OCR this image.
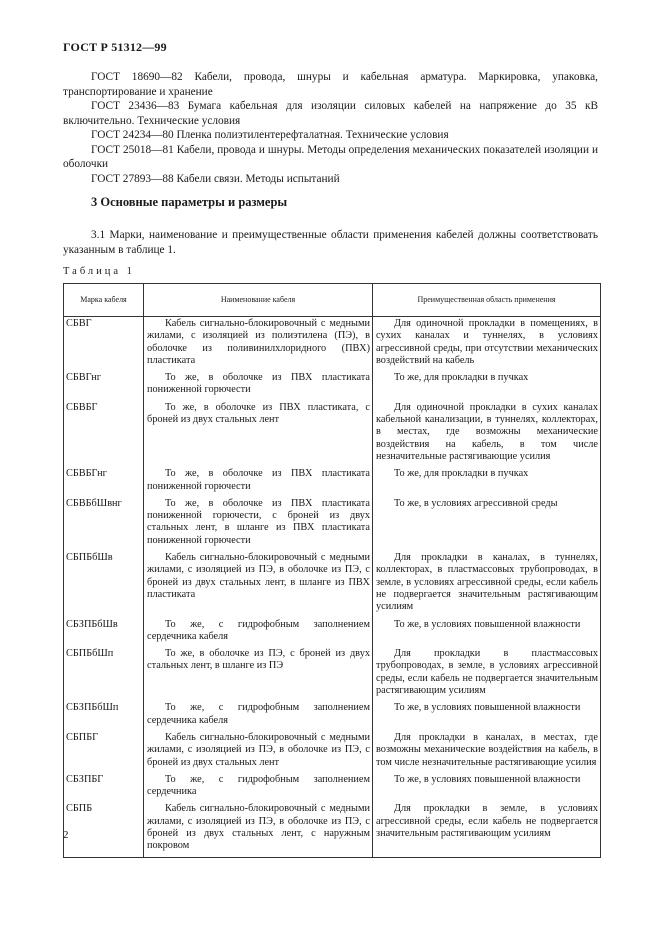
ГОСТ Р 51312—99

ГОСТ 18690—82 Кабели, провода, шнуры и кабельная арматура. Маркировка, упаковка, транспортирование и хранение

ГОСТ 23436—83 Бумага кабельная для изоляции силовых кабелей на напряжение до 35 кВ включительно. Технические условия

ГОСТ 24234—80 Пленка полиэтилентерефталатная. Технические условия

ГОСТ 25018—81 Кабели, провода и шнуры. Методы определения механических показателей изоляции и оболочки

ГОСТ 27893—88 Кабели связи. Методы испытаний

3 Основные параметры и размеры

3.1 Марки, наименование и преимущественные области применения кабелей должны соответствовать указанным в таблице 1.

Таблица 1
Марка кабеля	Наименование кабеля	Преимущественная область применения
СБВГ	Кабель сигнально-блокировочный с медными жилами, с изоляцией из полиэтилена (ПЭ), в оболочке из поливинилхлоридного (ПВХ) пластиката	Для одиночной прокладки в помещениях, в сухих каналах и туннелях, в условиях агрессивной среды, при отсутствии механических воздействий на кабель
СБВГнг	То же, в оболочке из ПВХ пластиката пониженной горючести	То же, для прокладки в пучках
СБВБГ	То же, в оболочке из ПВХ пластиката, с броней из двух стальных лент	Для одиночной прокладки в сухих каналах кабельной канализации, в туннелях, коллекторах, в местах, где возможны механические воздействия на кабель, в том числе незначительные растягивающие усилия
СБВБГнг	То же, в оболочке из ПВХ пластиката пониженной горючести	То же, для прокладки в пучках
СБВБбШвнг	То же, в оболочке из ПВХ пластиката пониженной горючести, с броней из двух стальных лент, в шланге из ПВХ пластиката пониженной горючести	То же, в условиях агрессивной среды
СБПБбШв	Кабель сигнально-блокировочный с медными жилами, с изоляцией из ПЭ, в оболочке из ПЭ, с броней из двух стальных лент, в шланге из ПВХ пластиката	Для прокладки в каналах, в туннелях, коллекторах, в пластмассовых трубопроводах, в земле, в условиях агрессивной среды, если кабель не подвергается значительным растягивающим усилиям
СБЗПБбШв	То же, с гидрофобным заполнением сердечника кабеля	То же, в условиях повышенной влажности
СБПБбШп	То же, в оболочке из ПЭ, с броней из двух стальных лент, в шланге из ПЭ	Для прокладки в пластмассовых трубопроводах, в земле, в условиях агрессивной среды, если кабель не подвергается значительным растягивающим усилиям
СБЗПБбШп	То же, с гидрофобным заполнением сердечника кабеля	То же, в условиях повышенной влажности
СБПБГ	Кабель сигнально-блокировочный с медными жилами, с изоляцией из ПЭ, в оболочке из ПЭ, с броней из двух стальных лент	Для прокладки в каналах, в местах, где возможны механические воздействия на кабель, в том числе незначительные растягивающие усилия
СБЗПБГ	То же, с гидрофобным заполнением сердечника	То же, в условиях повышенной влажности
СБПБ	Кабель сигнально-блокировочный с медными жилами, с изоляцией из ПЭ, в оболочке из ПЭ, с броней из двух стальных лент, с наружным покровом	Для прокладки в земле, в условиях агрессивной среды, если кабель не подвергается значительным растягивающим усилиям
2
